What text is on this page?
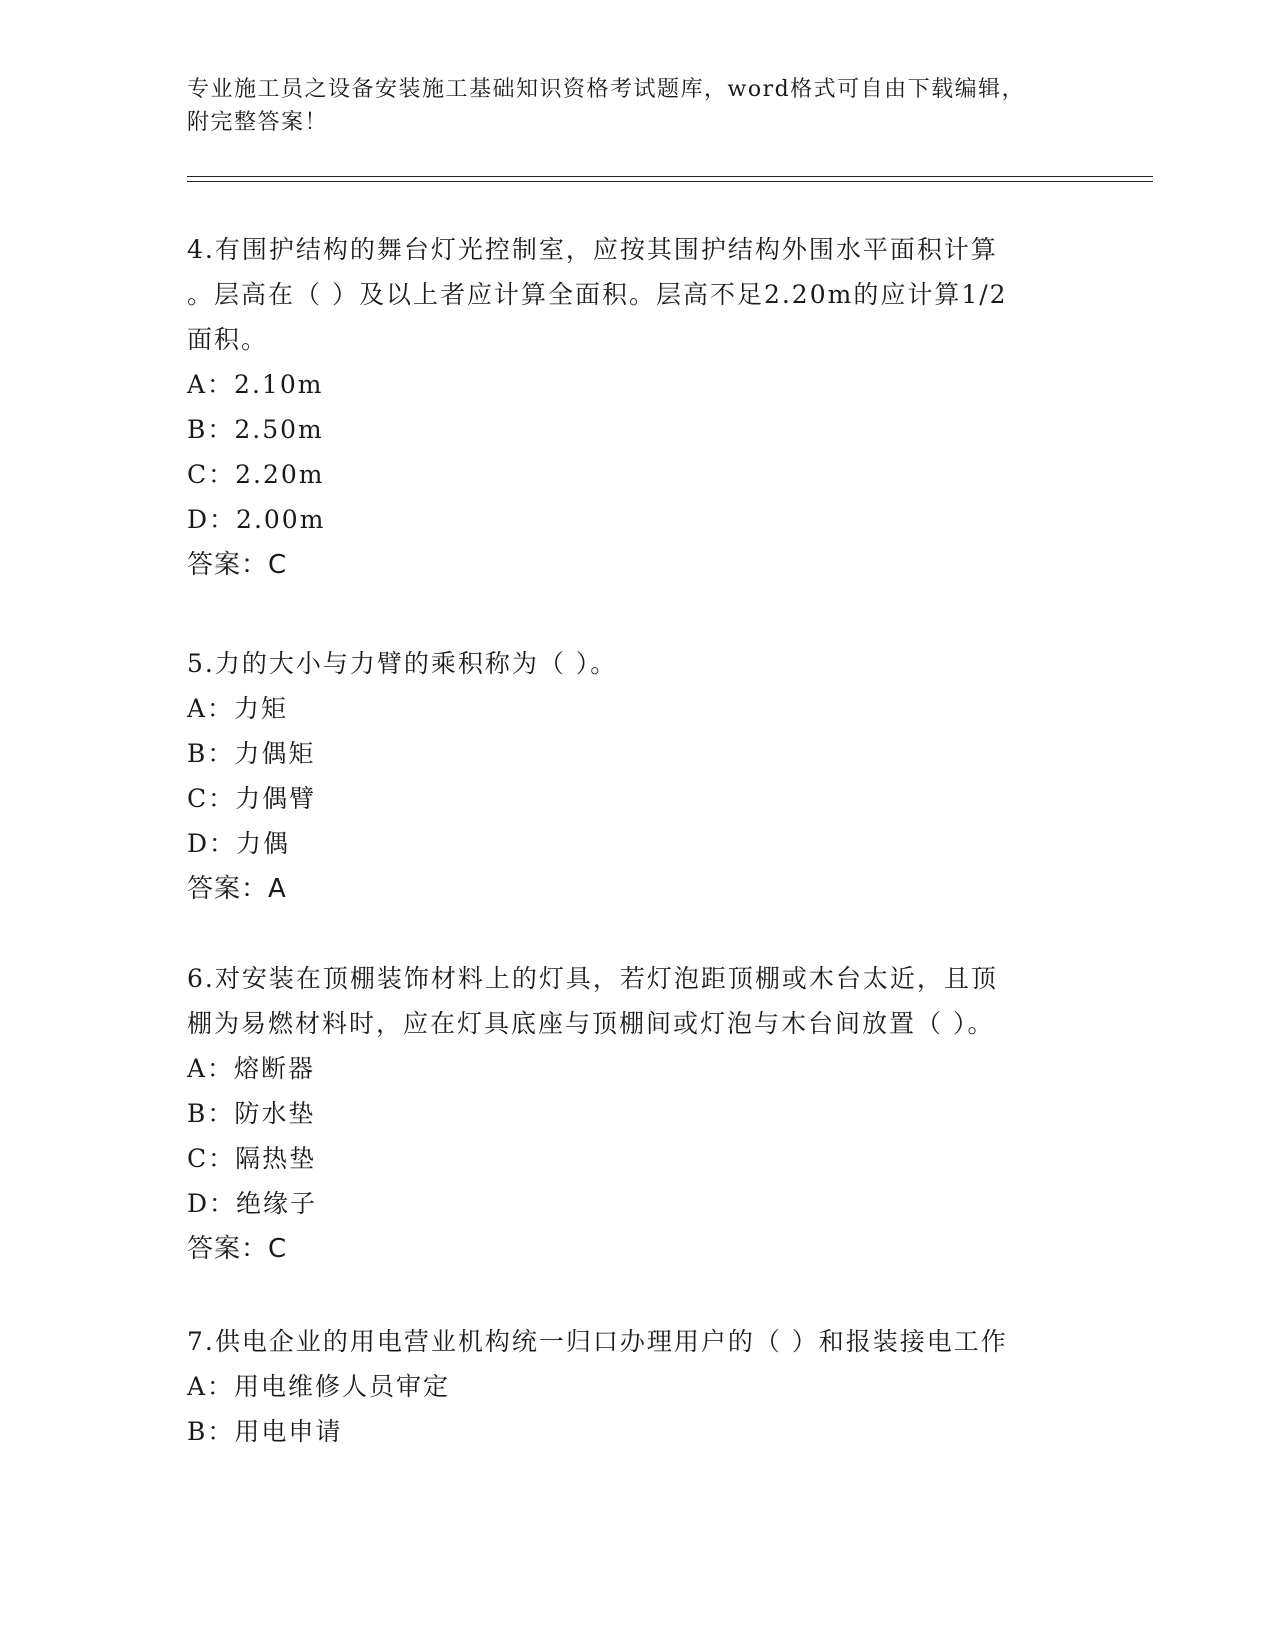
专业施工员之设备安装施工基础知识资格考试题库，word格式可自由下载编辑，
附完整答案！
4.有围护结构的舞台灯光控制室，应按其围护结构外围水平面积计算
。层高在（ ）及以上者应计算全面积。层高不足2.20m的应计算1/2
面积。
A：2.10m
B：2.50m
C：2.20m
D：2.00m
答案：C
5.力的大小与力臂的乘积称为（ ）。
A：力矩
B：力偶矩
C：力偶臂
D：力偶
答案：A
6.对安装在顶棚装饰材料上的灯具，若灯泡距顶棚或木台太近，且顶
棚为易燃材料时，应在灯具底座与顶棚间或灯泡与木台间放置（ ）。
A：熔断器
B：防水垫
C：隔热垫
D：绝缘子
答案：C
7.供电企业的用电营业机构统一归口办理用户的（ ）和报装接电工作
A：用电维修人员审定
B：用电申请
